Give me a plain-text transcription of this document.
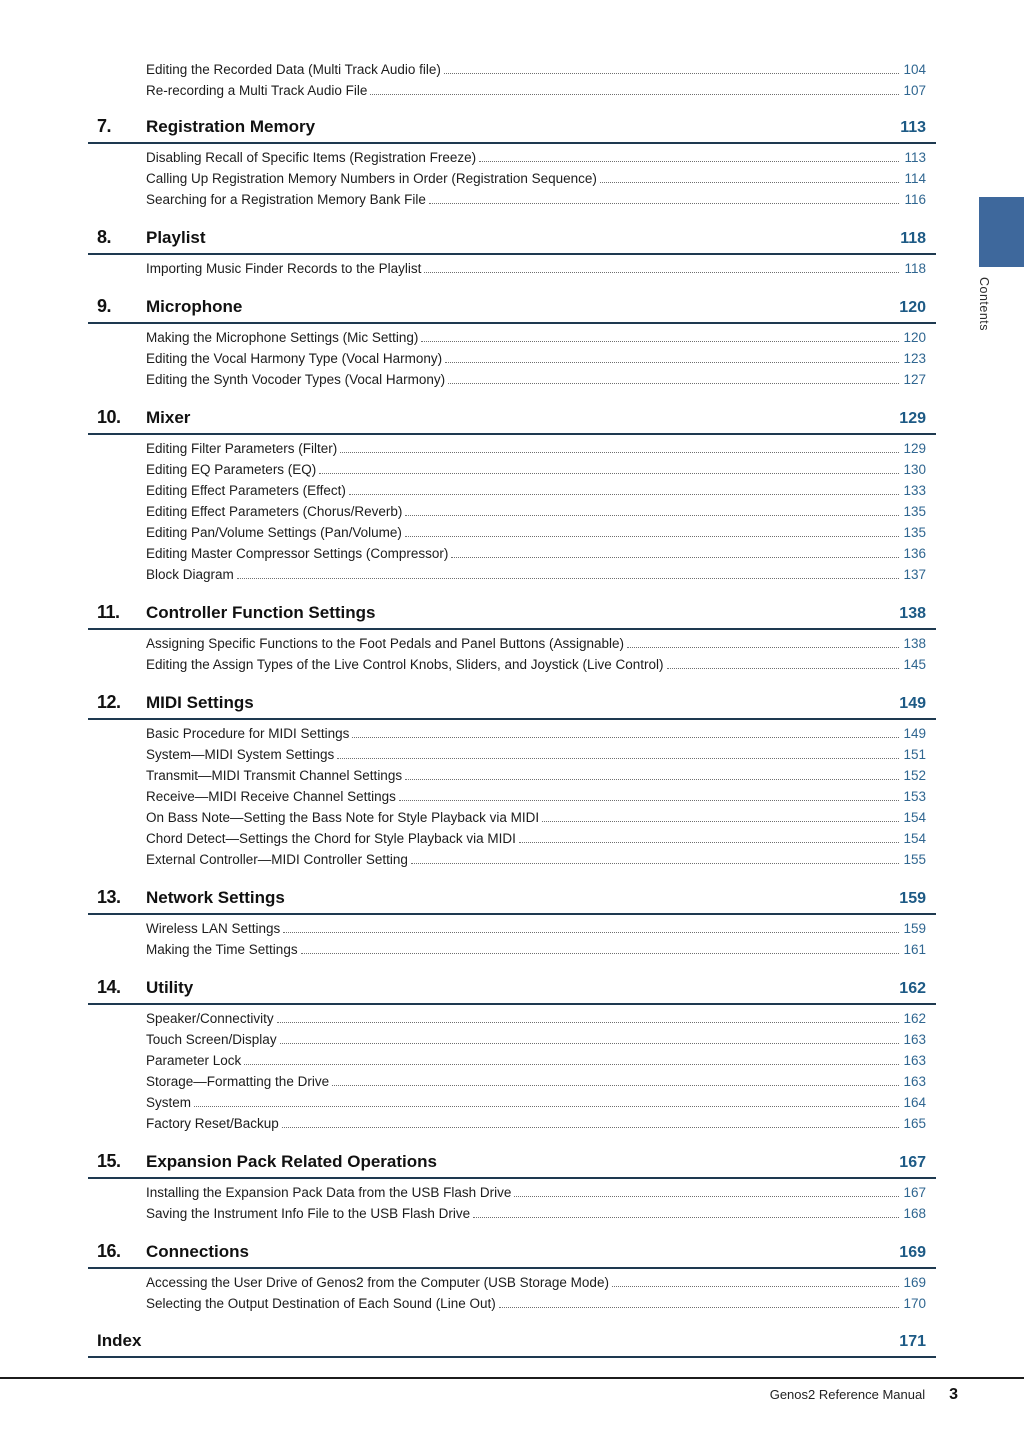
Editing the Recorded Data (Multi Track Audio file)	104
Re-recording a Multi Track Audio File	107
7.	Registration Memory	113
Disabling Recall of Specific Items (Registration Freeze)	113
Calling Up Registration Memory Numbers in Order (Registration Sequence)	114
Searching for a Registration Memory Bank File	116
8.	Playlist	118
Importing Music Finder Records to the Playlist	118
9.	Microphone	120
Making the Microphone Settings (Mic Setting)	120
Editing the Vocal Harmony Type (Vocal Harmony)	123
Editing the Synth Vocoder Types (Vocal Harmony)	127
10.	Mixer	129
Editing Filter Parameters (Filter)	129
Editing EQ Parameters (EQ)	130
Editing Effect Parameters (Effect)	133
Editing Effect Parameters (Chorus/Reverb)	135
Editing Pan/Volume Settings (Pan/Volume)	135
Editing Master Compressor Settings (Compressor)	136
Block Diagram	137
11.	Controller Function Settings	138
Assigning Specific Functions to the Foot Pedals and Panel Buttons (Assignable)	138
Editing the Assign Types of the Live Control Knobs, Sliders, and Joystick (Live Control)	145
12.	MIDI Settings	149
Basic Procedure for MIDI Settings	149
System—MIDI System Settings	151
Transmit—MIDI Transmit Channel Settings	152
Receive—MIDI Receive Channel Settings	153
On Bass Note—Setting the Bass Note for Style Playback via MIDI	154
Chord Detect—Settings the Chord for Style Playback via MIDI	154
External Controller—MIDI Controller Setting	155
13.	Network Settings	159
Wireless LAN Settings	159
Making the Time Settings	161
14.	Utility	162
Speaker/Connectivity	162
Touch Screen/Display	163
Parameter Lock	163
Storage—Formatting the Drive	163
System	164
Factory Reset/Backup	165
15.	Expansion Pack Related Operations	167
Installing the Expansion Pack Data from the USB Flash Drive	167
Saving the Instrument Info File to the USB Flash Drive	168
16.	Connections	169
Accessing the User Drive of Genos2 from the Computer (USB Storage Mode)	169
Selecting the Output Destination of Each Sound (Line Out)	170
Index	171
Contents
Genos2 Reference Manual 3
